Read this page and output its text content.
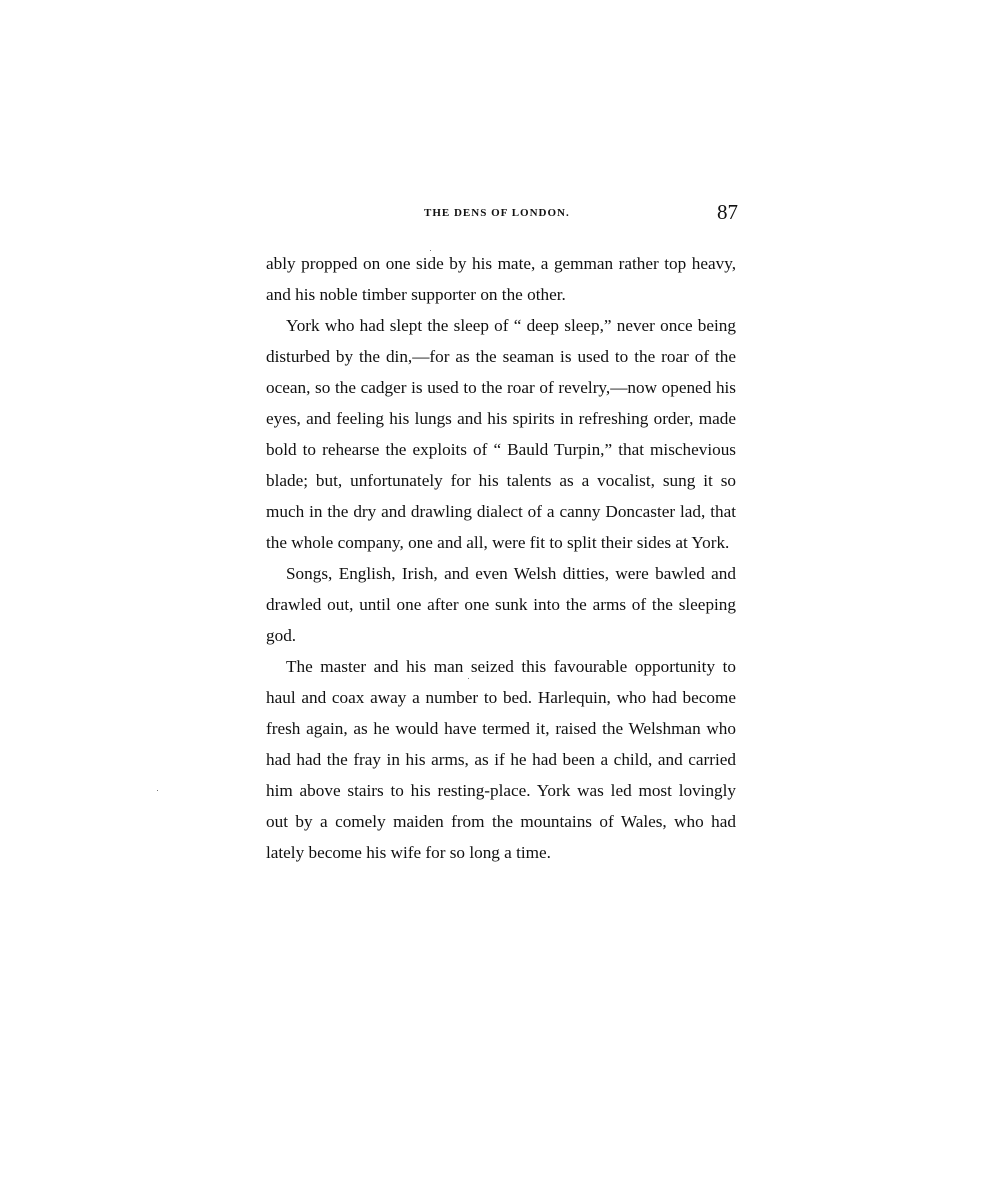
THE DENS OF LONDON.	87

ably propped on one side by his mate, a gemman rather top heavy, and his noble timber supporter on the other.

York who had slept the sleep of “ deep sleep,” never once being disturbed by the din,—for as the seaman is used to the roar of the ocean, so the cadger is used to the roar of revelry,—now opened his eyes, and feeling his lungs and his spirits in refreshing order, made bold to rehearse the exploits of “ Bauld Turpin,” that mischevious blade; but, unfortunately for his talents as a vocalist, sung it so much in the dry and drawling dialect of a canny Doncaster lad, that the whole company, one and all, were fit to split their sides at York.

Songs, English, Irish, and even Welsh ditties, were bawled and drawled out, until one after one sunk into the arms of the sleeping god.

The master and his man seized this favourable opportunity to haul and coax away a number to bed. Harlequin, who had become fresh again, as he would have termed it, raised the Welshman who had had the fray in his arms, as if he had been a child, and carried him above stairs to his resting-place. York was led most lovingly out by a comely maiden from the mountains of Wales, who had lately become his wife for so long a time.
